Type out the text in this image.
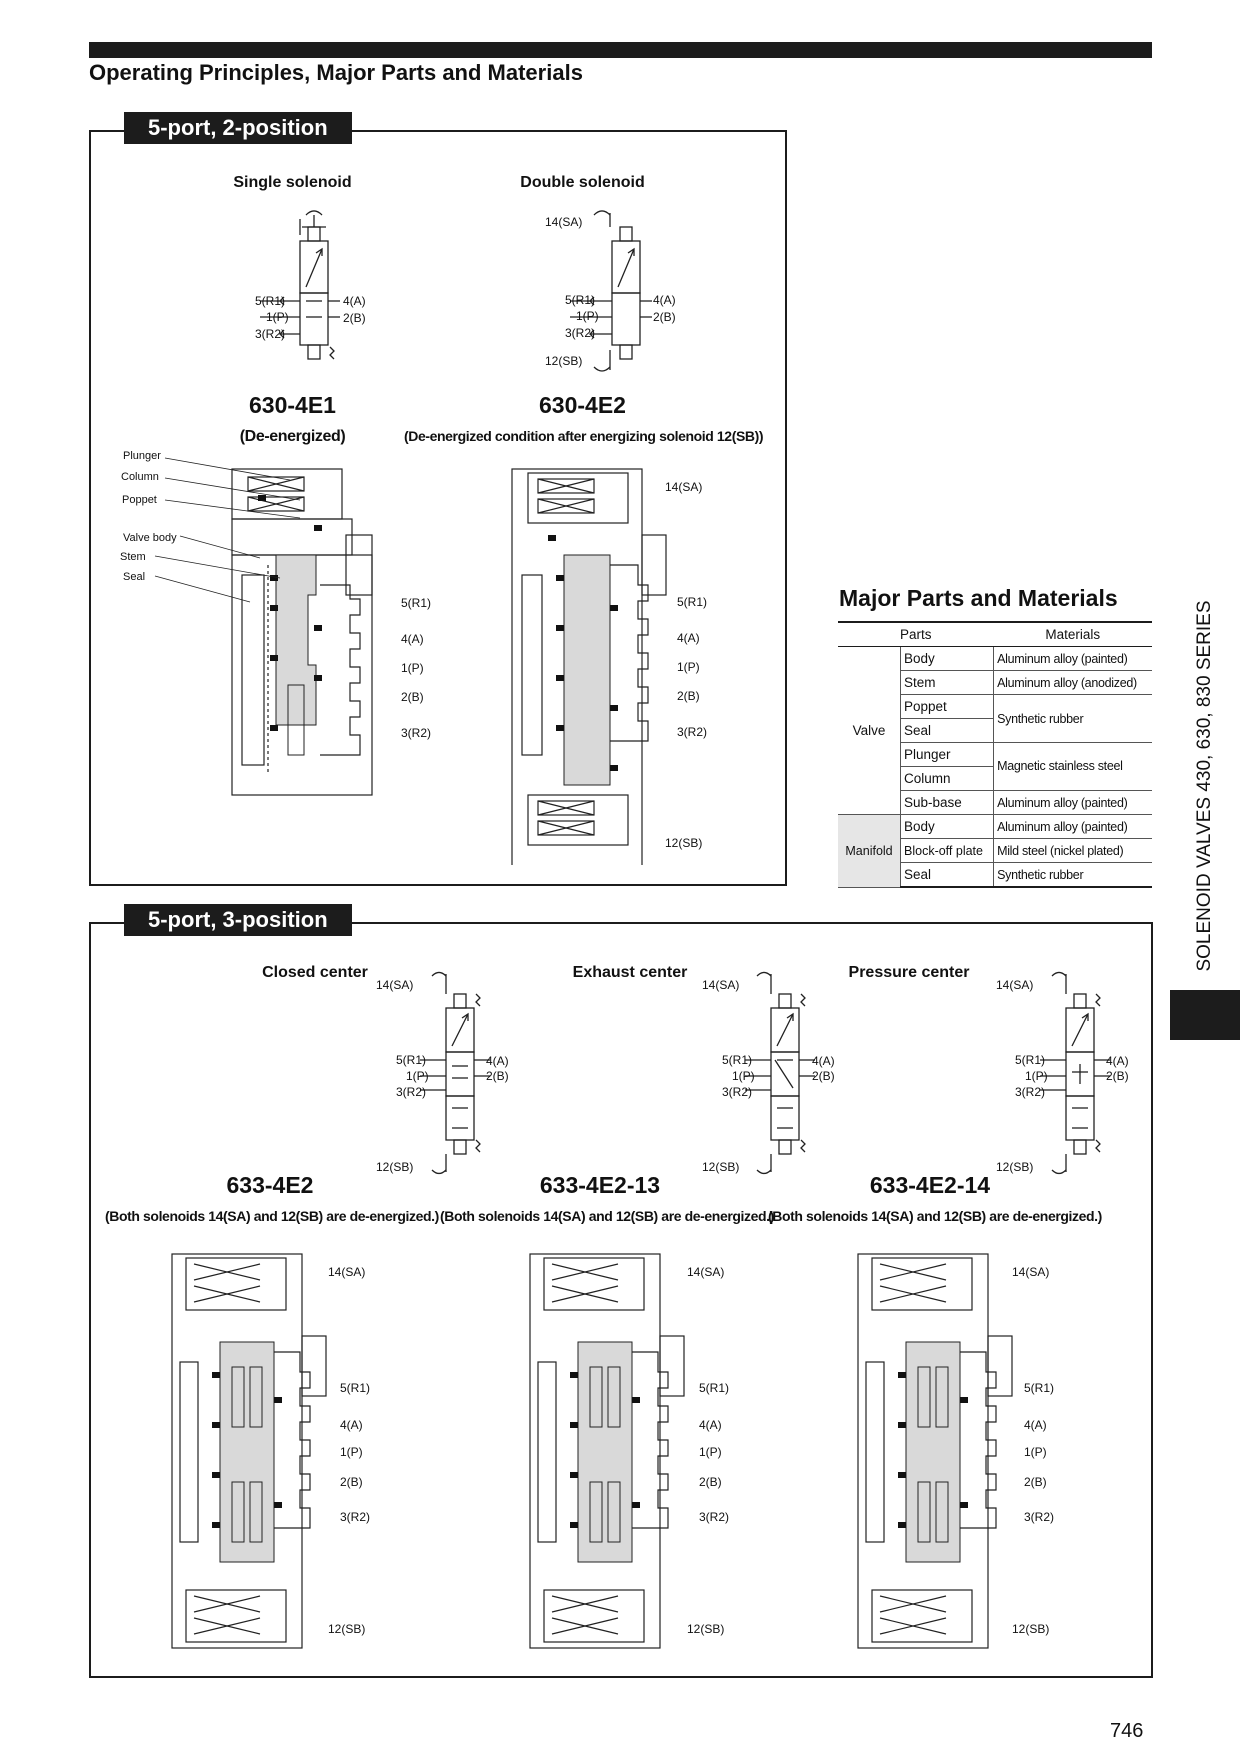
Operating Principles, Major Parts and Materials
5-port, 2-position
Single solenoid	Double solenoid
5(R1)
1(P)
3(R2)
4(A)
2(B)
14(SA)
12(SB)
5(R1)
1(P)
3(R2)
4(A)
2(B)
630-4E1	630-4E2
(De-energized)	(De-energized condition after energizing solenoid 12(SB))
Plunger
Column
Poppet
Valve body
Stem
Seal
5(R1)
4(A)
1(P)
2(B)
3(R2)
14(SA)
5(R1)
4(A)
1(P)
2(B)
3(R2)
12(SB)
Major Parts and Materials
Parts		Materials
Valve	Body	Aluminum alloy (painted)
	Stem	Aluminum alloy (anodized)
	Poppet	Synthetic rubber
	Seal	
	Plunger	Magnetic stainless steel
	Column	
	Sub-base	Aluminum alloy (painted)
Manifold	Body	Aluminum alloy (painted)
	Block-off plate	Mild steel (nickel plated)
	Seal	Synthetic rubber
5-port, 3-position
Closed center	Exhaust center	Pressure center
14(SA)
5(R1)
1(P)
3(R2)
4(A)
2(B)
12(SB)
14(SA)
5(R1)
1(P)
3(R2)
4(A)
2(B)
12(SB)
14(SA)
5(R1)
1(P)
3(R2)
4(A)
2(B)
12(SB)
633-4E2	633-4E2-13	633-4E2-14
(Both solenoids 14(SA) and 12(SB) are de-energized.) (Both solenoids 14(SA) and 12(SB) are de-energized.)
(Both solenoids 14(SA) and 12(SB) are de-energized.)
14(SA)
5(R1)
4(A)
1(P)
2(B)
3(R2)
12(SB)
14(SA)
5(R1)
4(A)
1(P)
2(B)
3(R2)
12(SB)
14(SA)
5(R1)
4(A)
1(P)
2(B)
3(R2)
12(SB)
SOLENOID VALVES 430, 630, 830 SERIES
746
